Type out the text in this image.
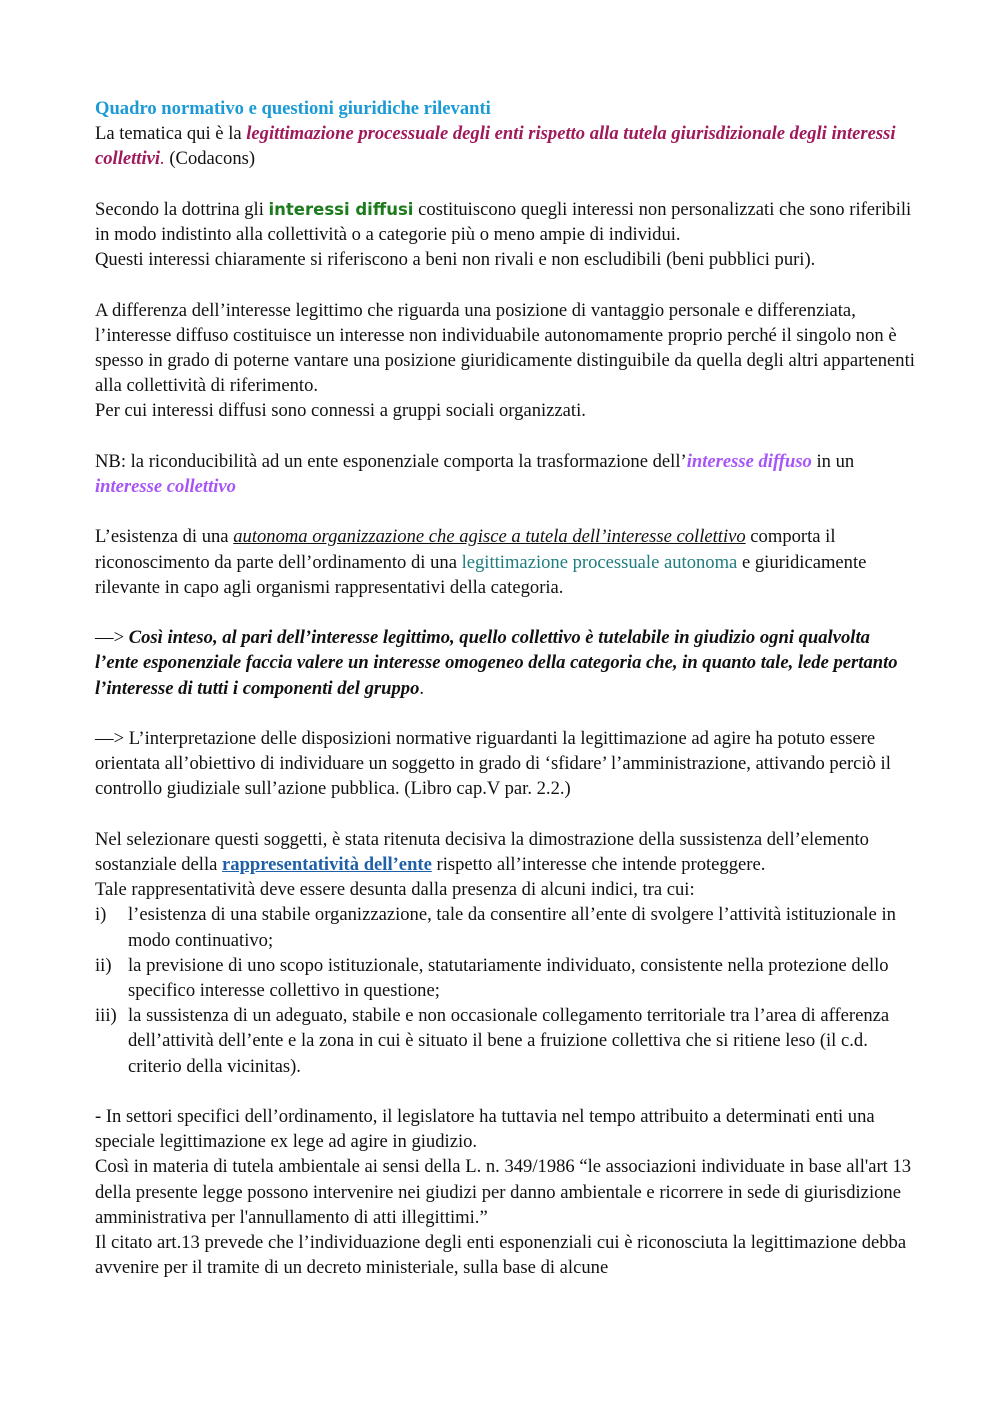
Quadro normativo e questioni giuridiche rilevanti

La tematica qui è la legittimazione processuale degli enti rispetto alla tutela giurisdizionale degli interessi collettivi. (Codacons)

Secondo la dottrina gli interessi diffusi costituiscono quegli interessi non personalizzati che sono riferibili in modo indistinto alla collettività o a categorie più o meno ampie di individui.

Questi interessi chiaramente si riferiscono a beni non rivali e non escludibili (beni pubblici puri).

A differenza dell’interesse legittimo che riguarda una posizione di vantaggio personale e differenziata, l’interesse diffuso costituisce un interesse non individuabile autonomamente proprio perché il singolo non è spesso in grado di poterne vantare una posizione giuridicamente distinguibile da quella degli altri appartenenti alla collettività di riferimento.

Per cui interessi diffusi sono connessi a gruppi sociali organizzati.

NB: la riconducibilità ad un ente esponenziale comporta la trasformazione dell’interesse diffuso in un interesse collettivo

L’esistenza di una autonoma organizzazione che agisce a tutela dell’interesse collettivo comporta il riconoscimento da parte dell’ordinamento di una legittimazione processuale autonoma e giuridicamente rilevante in capo agli organismi rappresentativi della categoria.

—> Così inteso, al pari dell’interesse legittimo, quello collettivo è tutelabile in giudizio ogni qualvolta l’ente esponenziale faccia valere un interesse omogeneo della categoria che, in quanto tale, lede pertanto l’interesse di tutti i componenti del gruppo.

—> L’interpretazione delle disposizioni normative riguardanti la legittimazione ad agire ha potuto essere orientata all’obiettivo di individuare un soggetto in grado di ‘sfidare’ l’amministrazione, attivando perciò il controllo giudiziale sull’azione pubblica. (Libro cap.V par. 2.2.)

Nel selezionare questi soggetti, è stata ritenuta decisiva la dimostrazione della sussistenza dell’elemento sostanziale della rappresentatività dell’ente rispetto all’interesse che intende proteggere.

Tale rappresentatività deve essere desunta dalla presenza di alcuni indici, tra cui:

i)	l’esistenza di una stabile organizzazione, tale da consentire all’ente di svolgere l’attività istituzionale in modo continuativo;
ii) la previsione di uno scopo istituzionale, statutariamente individuato, consistente nella protezione dello specifico interesse collettivo in questione;
iii) la sussistenza di un adeguato, stabile e non occasionale collegamento territoriale tra l’area di afferenza dell’attività dell’ente e la zona in cui è situato il bene a fruizione collettiva che si ritiene leso (il c.d. criterio della vicinitas).

- In settori specifici dell’ordinamento, il legislatore ha tuttavia nel tempo attribuito a determinati enti una speciale legittimazione ex lege ad agire in giudizio.

Così in materia di tutela ambientale ai sensi della L. n. 349/1986 “le associazioni individuate in base all'art 13 della presente legge possono intervenire nei giudizi per danno ambientale e ricorrere in sede di giurisdizione amministrativa per l'annullamento di atti illegittimi.”

Il citato art.13 prevede che l’individuazione degli enti esponenziali cui è riconosciuta la legittimazione debba avvenire per il tramite di un decreto ministeriale, sulla base di alcune
